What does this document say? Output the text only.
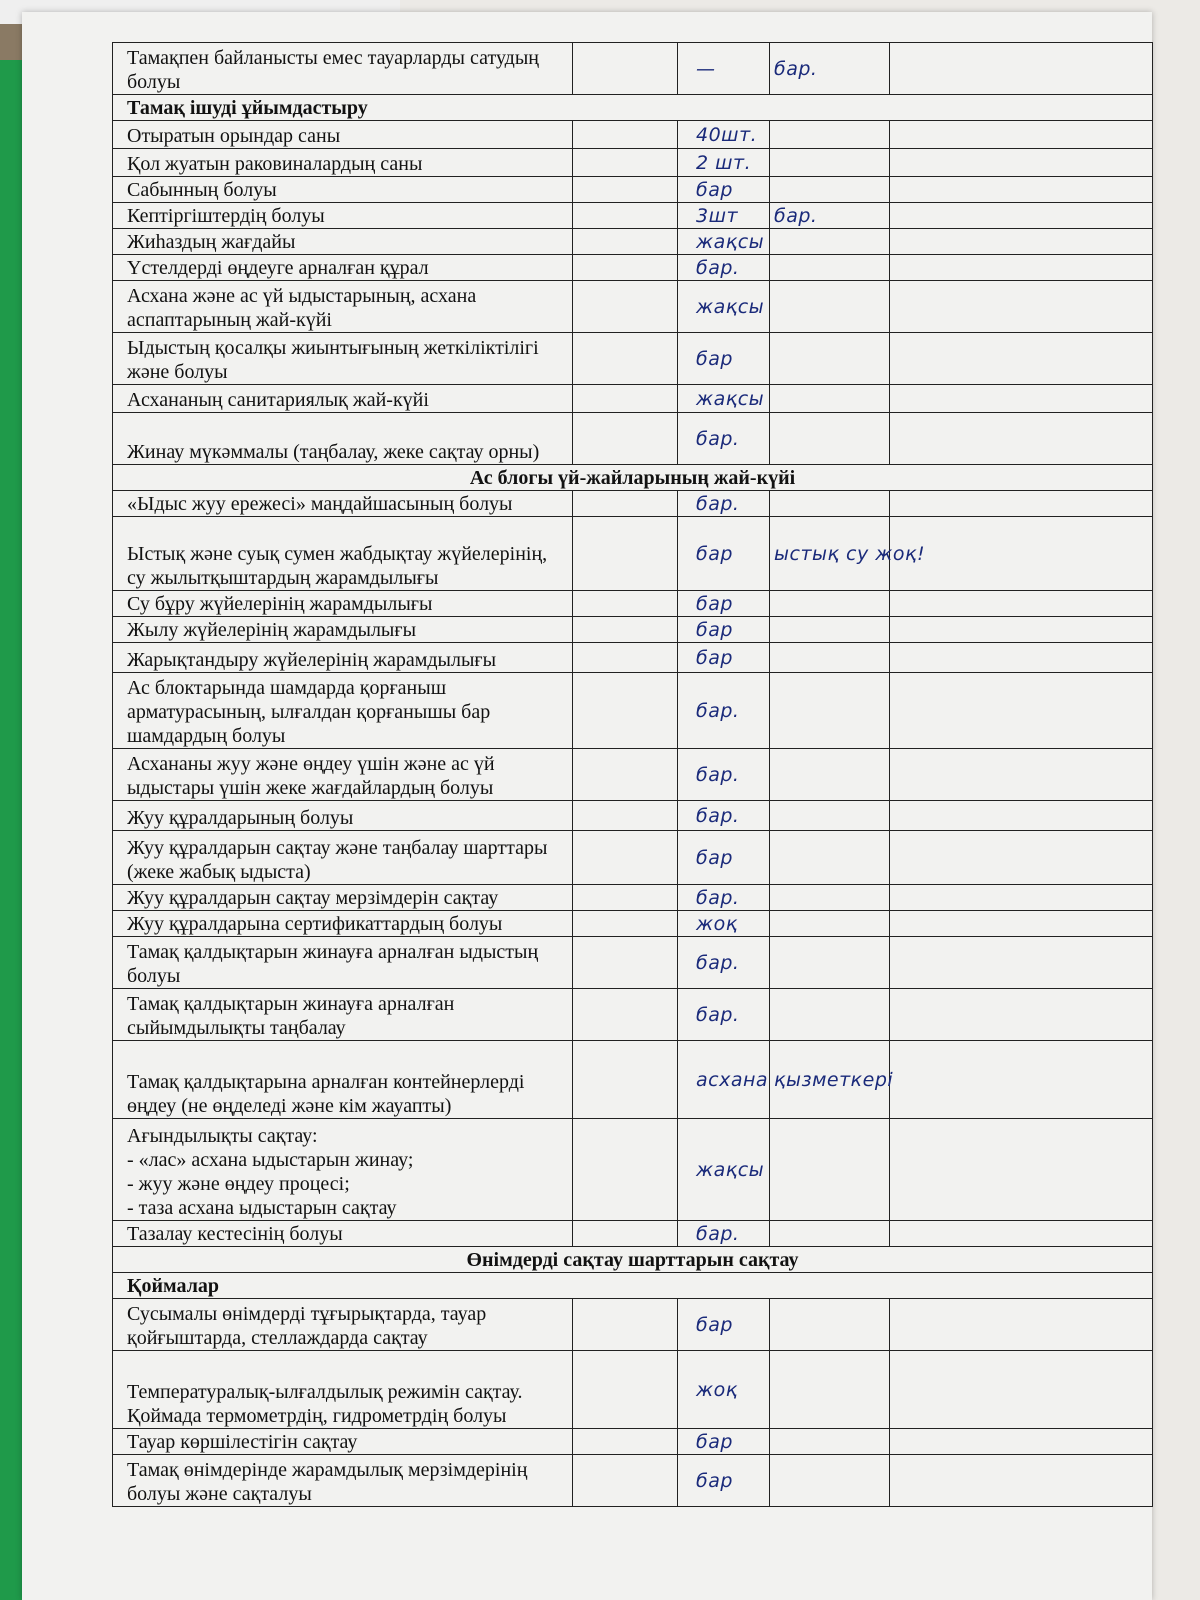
Тамақпен байланысты емес тауарларды сатудың болуы		—	бар.	
Тамақ ішуді ұйымдастыру				
Отыратын орындар саны		40шт.		
Қол жуатын раковиналардың саны		2 шт.		
Сабынның болуы		бар		
Кептіргіштердің болуы		3шт	бар.	
Жиһаздың жағдайы		жақсы		
Үстелдерді өңдеуге арналған құрал		бар.		
Асхана және ас үй ыдыстарының, асхана аспаптарының жай-күйі		жақсы		
Ыдыстың қосалқы жиынтығының жеткіліктілігі және болуы		бар		
Асхананың санитариялық жай-күйі		жақсы		
Жинау мүкәммалы (таңбалау, жеке сақтау орны)		бар.		
Ас блогы үй-жайларының жай-күйі				
«Ыдыс жуу ережесі» маңдайшасының болуы		бар.		
Ыстық және суық сумен жабдықтау жүйелерінің, су жылытқыштардың жарамдылығы		бар	ыстық су жоқ!	
Су бұру жүйелерінің жарамдылығы		бар		
Жылу жүйелерінің жарамдылығы		бар		
Жарықтандыру жүйелерінің жарамдылығы		бар		
Ас блоктарында шамдарда қорғаныш арматурасының, ылғалдан қорғанышы бар шамдардың болуы		бар.		
Асхананы жуу және өңдеу үшін және ас үй ыдыстары үшін жеке жағдайлардың болуы		бар.		
Жуу құралдарының болуы		бар.		
Жуу құралдарын сақтау және таңбалау шарттары (жеке жабық ыдыста)		бар		
Жуу құралдарын сақтау мерзімдерін сақтау		бар.		
Жуу құралдарына сертификаттардың болуы		жоқ		
Тамақ қалдықтарын жинауға арналған ыдыстың болуы		бар.		
Тамақ қалдықтарын жинауға арналған сыйымдылықты таңбалау		бар.		
Тамақ қалдықтарына арналған контейнерлерді өңдеу (не өңделеді және кім жауапты)		асхана	қызметкері	
Ағындылықты сақтау:
- «лас» асхана ыдыстарын жинау;
- жуу және өңдеу процесі;
- таза асхана ыдыстарын сақтау		жақсы		
Тазалау кестесінің болуы		бар.		
Өнімдерді сақтау шарттарын сақтау				
Қоймалар				
Сусымалы өнімдерді тұғырықтарда, тауар қойғыштарда, стеллаждарда сақтау		бар		
Температуралық-ылғалдылық режимін сақтау. Қоймада термометрдің, гидрометрдің болуы		жоқ		
Тауар көршілестігін сақтау		бар		
Тамақ өнімдерінде жарамдылық мерзімдерінің болуы және сақталуы		бар		
